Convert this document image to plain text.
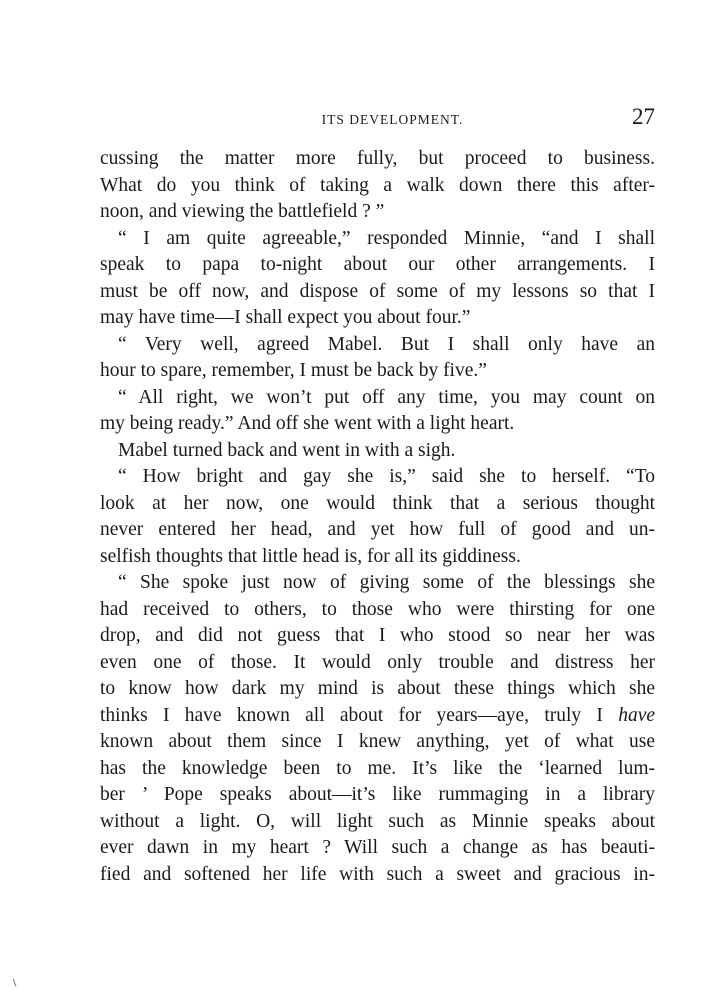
ITS DEVELOPMENT.	27
cussing the matter more fully, but proceed to business.
What do you think of taking a walk down there this after-
noon, and viewing the battlefield ? ”
“ I am quite agreeable,” responded Minnie, “and I shall
speak to papa to-night about our other arrangements. I
must be off now, and dispose of some of my lessons so that I
may have time—I shall expect you about four.”
“ Very well, agreed Mabel. But I shall only have an
hour to spare, remember, I must be back by five.”
“ All right, we won’t put off any time, you may count on
my being ready.” And off she went with a light heart.
Mabel turned back and went in with a sigh.
“ How bright and gay she is,” said she to herself. “To
look at her now, one would think that a serious thought
never entered her head, and yet how full of good and un-
selfish thoughts that little head is, for all its giddiness.
“ She spoke just now of giving some of the blessings she
had received to others, to those who were thirsting for one
drop, and did not guess that I who stood so near her was
even one of those. It would only trouble and distress her
to know how dark my mind is about these things which she
thinks I have known all about for years—aye, truly I have
known about them since I knew anything, yet of what use
has the knowledge been to me. It’s like the ‘learned lum-
ber ’ Pope speaks about—it’s like rummaging in a library
without a light. O, will light such as Minnie speaks about
ever dawn in my heart ? Will such a change as has beauti-
fied and softened her life with such a sweet and gracious in-
